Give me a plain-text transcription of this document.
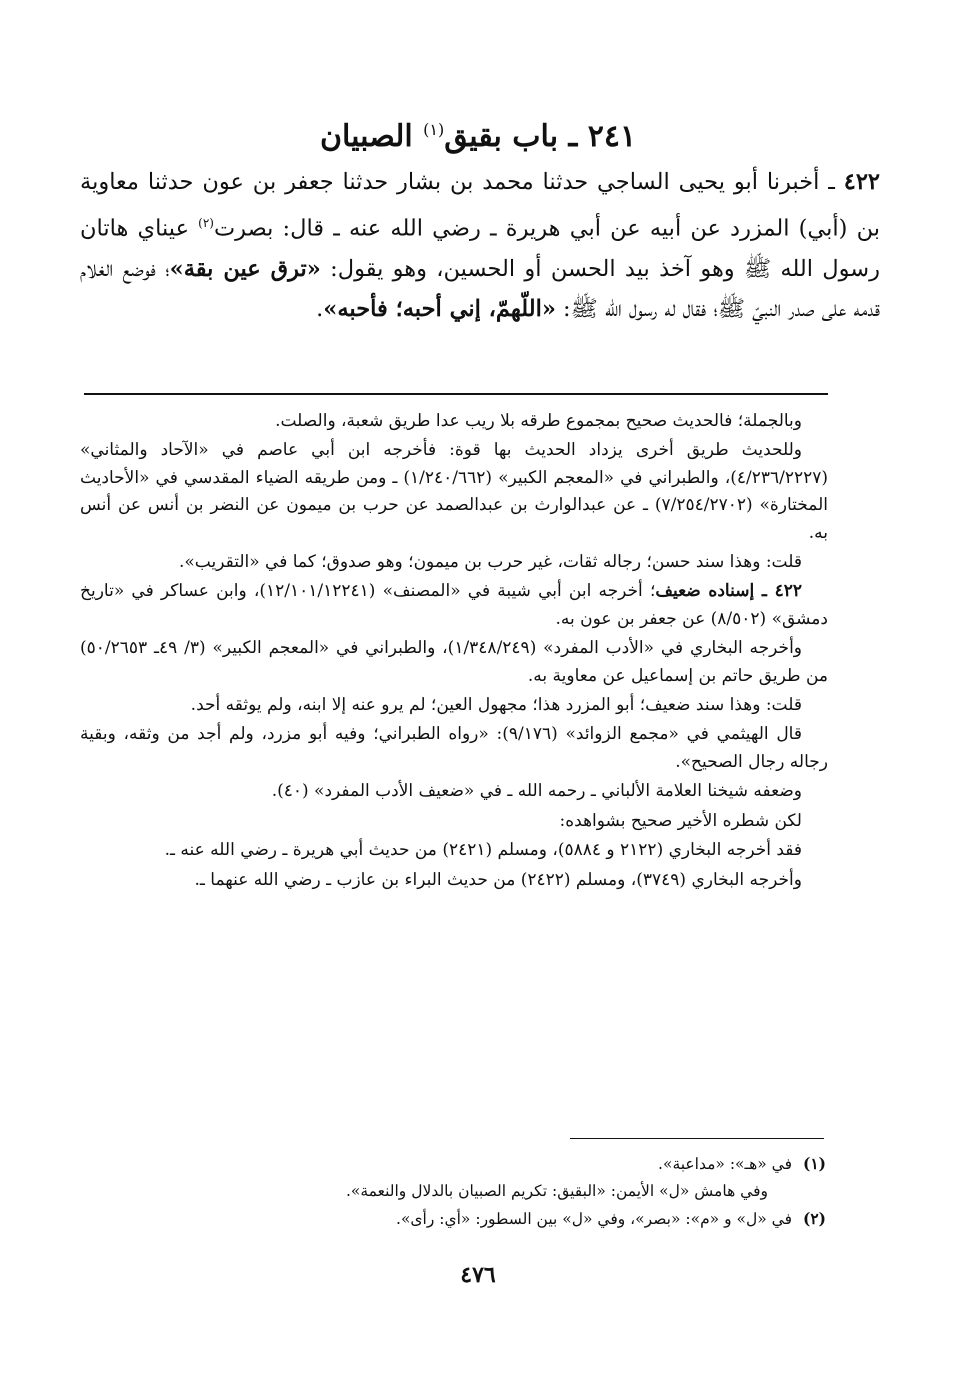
٢٤١ ـ باب بقيق$^{(١)}$ الصبيان
٤٢٢ ـ أخبرنا أبو يحيى الساجي حدثنا محمد بن بشار حدثنا جعفر بن عون حدثنا معاوية بن (أبي) المزرد عن أبيه عن أبي هريرة ـ رضي الله عنه ـ قال: بصرت$^{(٢)}$ عيناي هاتان رسول الله ﷺ وهو آخذ بيد الحسن أو الحسين، وهو يقول: «ترق عين بقة»؛ فوضع الغلام قدمه على صدر النبيّ ﷺ؛ فقال له رسول الله ﷺ: «اللّهمّ، إني أحبه؛ فأحبه».

وبالجملة؛ فالحديث صحيح بمجموع طرقه بلا ريب عدا طريق شعبة، والصلت.

وللحديث طريق أخرى يزداد الحديث بها قوة: فأخرجه ابن أبي عاصم في «الآحاد والمثاني» (٤/٢٣٦/٢٢٢٧)، والطبراني في «المعجم الكبير» (١/٢٤٠/٦٦٢) ـ ومن طريقه الضياء المقدسي في «الأحاديث المختارة» (٧/٢٥٤/٢٧٠٢) ـ عن عبدالوارث بن عبدالصمد عن حرب بن ميمون عن النضر بن أنس عن أنس به.

قلت: وهذا سند حسن؛ رجاله ثقات، غير حرب بن ميمون؛ وهو صدوق؛ كما في «التقريب».

٤٢٢ ـ إسناده ضعيف؛ أخرجه ابن أبي شيبة في «المصنف» (١٢/١٠١/١٢٢٤١)، وابن عساكر في «تاريخ دمشق» (٨/٥٠٢) عن جعفر بن عون به.

وأخرجه البخاري في «الأدب المفرد» (١/٣٤٨/٢٤٩)، والطبراني في «المعجم الكبير» (٣/ ٤٩ـ ٥٠/٢٦٥٣) من طريق حاتم بن إسماعيل عن معاوية به.

قلت: وهذا سند ضعيف؛ أبو المزرد هذا؛ مجهول العين؛ لم يرو عنه إلا ابنه، ولم يوثقه أحد.

قال الهيثمي في «مجمع الزوائد» (٩/١٧٦): «رواه الطبراني؛ وفيه أبو مزرد، ولم أجد من وثقه، وبقية رجاله رجال الصحيح».

وضعفه شيخنا العلامة الألباني ـ رحمه الله ـ في «ضعيف الأدب المفرد» (٤٠).

لكن شطره الأخير صحيح بشواهده:

فقد أخرجه البخاري (٢١٢٢ و ٥٨٨٤)، ومسلم (٢٤٢١) من حديث أبي هريرة ـ رضي الله عنه ـ.

وأخرجه البخاري (٣٧٤٩)، ومسلم (٢٤٢٢) من حديث البراء بن عازب ـ رضي الله عنهما ـ.

(١)في «هـ»: «مداعبة».

وفي هامش «ل» الأيمن: «البقيق: تكريم الصبيان بالدلال والنعمة».

(٢)في «ل» و «م»: «بصر»، وفي «ل» بين السطور: «أي: رأى».

٤٧٦
